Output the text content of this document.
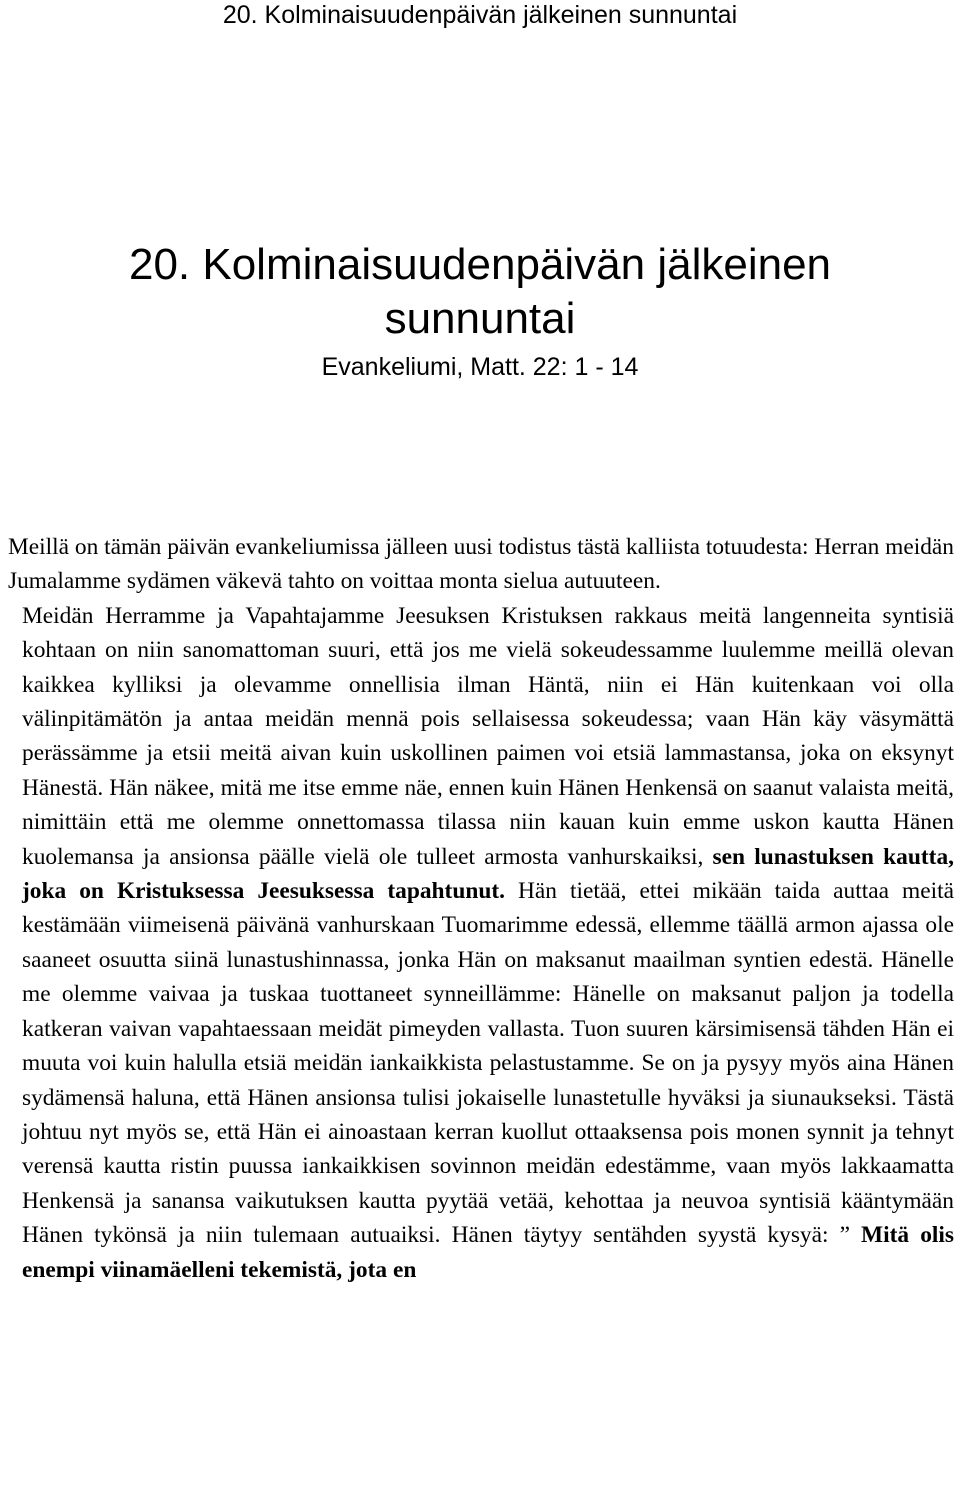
20. Kolminaisuudenpäivän jälkeinen sunnuntai
20. Kolminaisuudenpäivän jälkeinen
sunnuntai
Evankeliumi, Matt. 22: 1 - 14

Meillä on tämän päivän evankeliumissa jälleen uusi todistus tästä kalliista totuudesta: Herran meidän Jumalamme sydämen väkevä tahto on voittaa monta sielua autuuteen.

Meidän Herramme ja Vapahtajamme Jeesuksen Kristuksen rakkaus meitä langenneita syntisiä kohtaan on niin sanomattoman suuri, että jos me vielä sokeudessamme luulemme meillä olevan kaikkea kylliksi ja olevamme onnellisia ilman Häntä, niin ei Hän kuitenkaan voi olla välinpitämätön ja antaa meidän mennä pois sellaisessa sokeudessa; vaan Hän käy väsymättä perässämme ja etsii meitä aivan kuin uskollinen paimen voi etsiä lammastansa, joka on eksynyt Hänestä. Hän näkee, mitä me itse emme näe, ennen kuin Hänen Henkensä on saanut valaista meitä, nimittäin että me olemme onnettomassa tilassa niin kauan kuin emme uskon kautta Hänen kuolemansa ja ansionsa päälle vielä ole tulleet armosta vanhurskaiksi, sen lunastuksen kautta, joka on Kristuksessa Jeesuksessa tapahtunut. Hän tietää, ettei mikään taida auttaa meitä kestämään viimeisenä päivänä vanhurskaan Tuomarimme edessä, ellemme täällä armon ajassa ole saaneet osuutta siinä lunastushinnassa, jonka Hän on maksanut maailman syntien edestä. Hänelle me olemme vaivaa ja tuskaa tuottaneet synneillämme: Hänelle on maksanut paljon ja todella katkeran vaivan vapahtaessaan meidät pimeyden vallasta. Tuon suuren kärsimisensä tähden Hän ei muuta voi kuin halulla etsiä meidän iankaikkista pelastustamme. Se on ja pysyy myös aina Hänen sydämensä haluna, että Hänen ansionsa tulisi jokaiselle lunastetulle hyväksi ja siunaukseksi. Tästä johtuu nyt myös se, että Hän ei ainoastaan kerran kuollut ottaaksensa pois monen synnit ja tehnyt verensä kautta ristin puussa iankaikkisen sovinnon meidän edestämme, vaan myös lakkaamatta Henkensä ja sanansa vaikutuksen kautta pyytää vetää, kehottaa ja neuvoa syntisiä kääntymään Hänen tykönsä ja niin tulemaan autuaiksi. Hänen täytyy sentähden syystä kysyä: ” Mitä olis enempi viinamäelleni tekemistä, jota en
